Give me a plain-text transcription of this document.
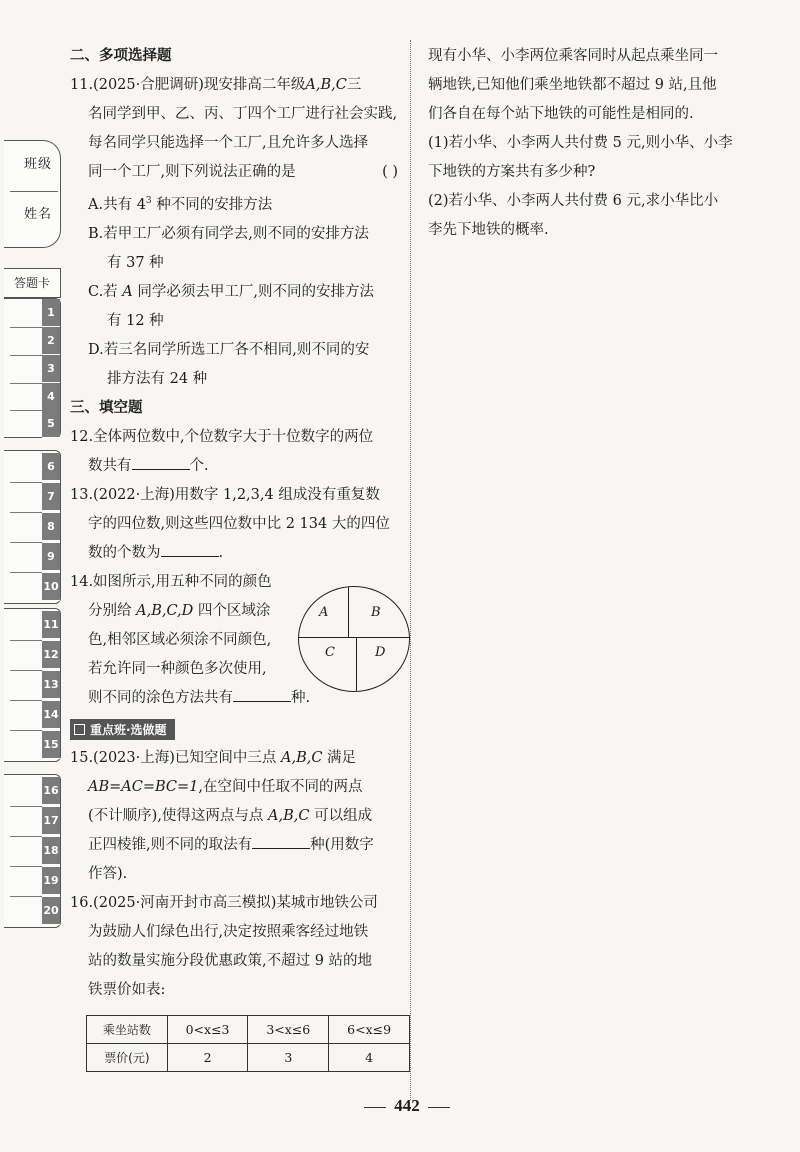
班级
姓名
答题卡
1
2
3
4
5
6
7
8
9
10
11
12
13
14
15
16
17
18
19
20
二、多项选择题

11.(2025·合肥调研)现安排高二年级A,B,C三

名同学到甲、乙、丙、丁四个工厂进行社会实践,

每名同学只能选择一个工厂,且允许多人选择

同一个工厂,则下列说法正确的是	( )

A.共有 $4^3$ 种不同的安排方法

B.若甲工厂必须有同学去,则不同的安排方法

有 37 种

C.若 A 同学必须去甲工厂,则不同的安排方法

有 12 种

D.若三名同学所选工厂各不相同,则不同的安

排方法有 24 种

三、填空题

12.全体两位数中,个位数字大于十位数字的两位

数共有	个.

13.(2022·上海)用数字 1,2,3,4 组成没有重复数

字的四位数,则这些四位数中比 2 134 大的四位

数的个数为	.

14.如图所示,用五种不同的颜色

分别给 A,B,C,D 四个区域涂

色,相邻区域必须涂不同颜色,

若允许同一种颜色多次使用,

则不同的涂色方法共有	种.

A	B
C	D
重点班·选做题

15.(2023·上海)已知空间中三点 A,B,C 满足

AB=AC=BC=1,在空间中任取不同的两点

(不计顺序),使得这两点与点 A,B,C 可以组成

正四棱锥,则不同的取法有	种(用数字

作答).

16.(2025·河南开封市高三模拟)某城市地铁公司

为鼓励人们绿色出行,决定按照乘客经过地铁

站的数量实施分段优惠政策,不超过 9 站的地

铁票价如表:

乘坐站数	0<x≤3	3<x≤6	6<x≤9
票价(元)	2	3	4

现有小华、小李两位乘客同时从起点乘坐同一

辆地铁,已知他们乘坐地铁都不超过 9 站,且他

们各自在每个站下地铁的可能性是相同的.

(1)若小华、小李两人共付费 5 元,则小华、小李

下地铁的方案共有多少种?

(2)若小华、小李两人共付费 6 元,求小华比小

李先下地铁的概率.

442
